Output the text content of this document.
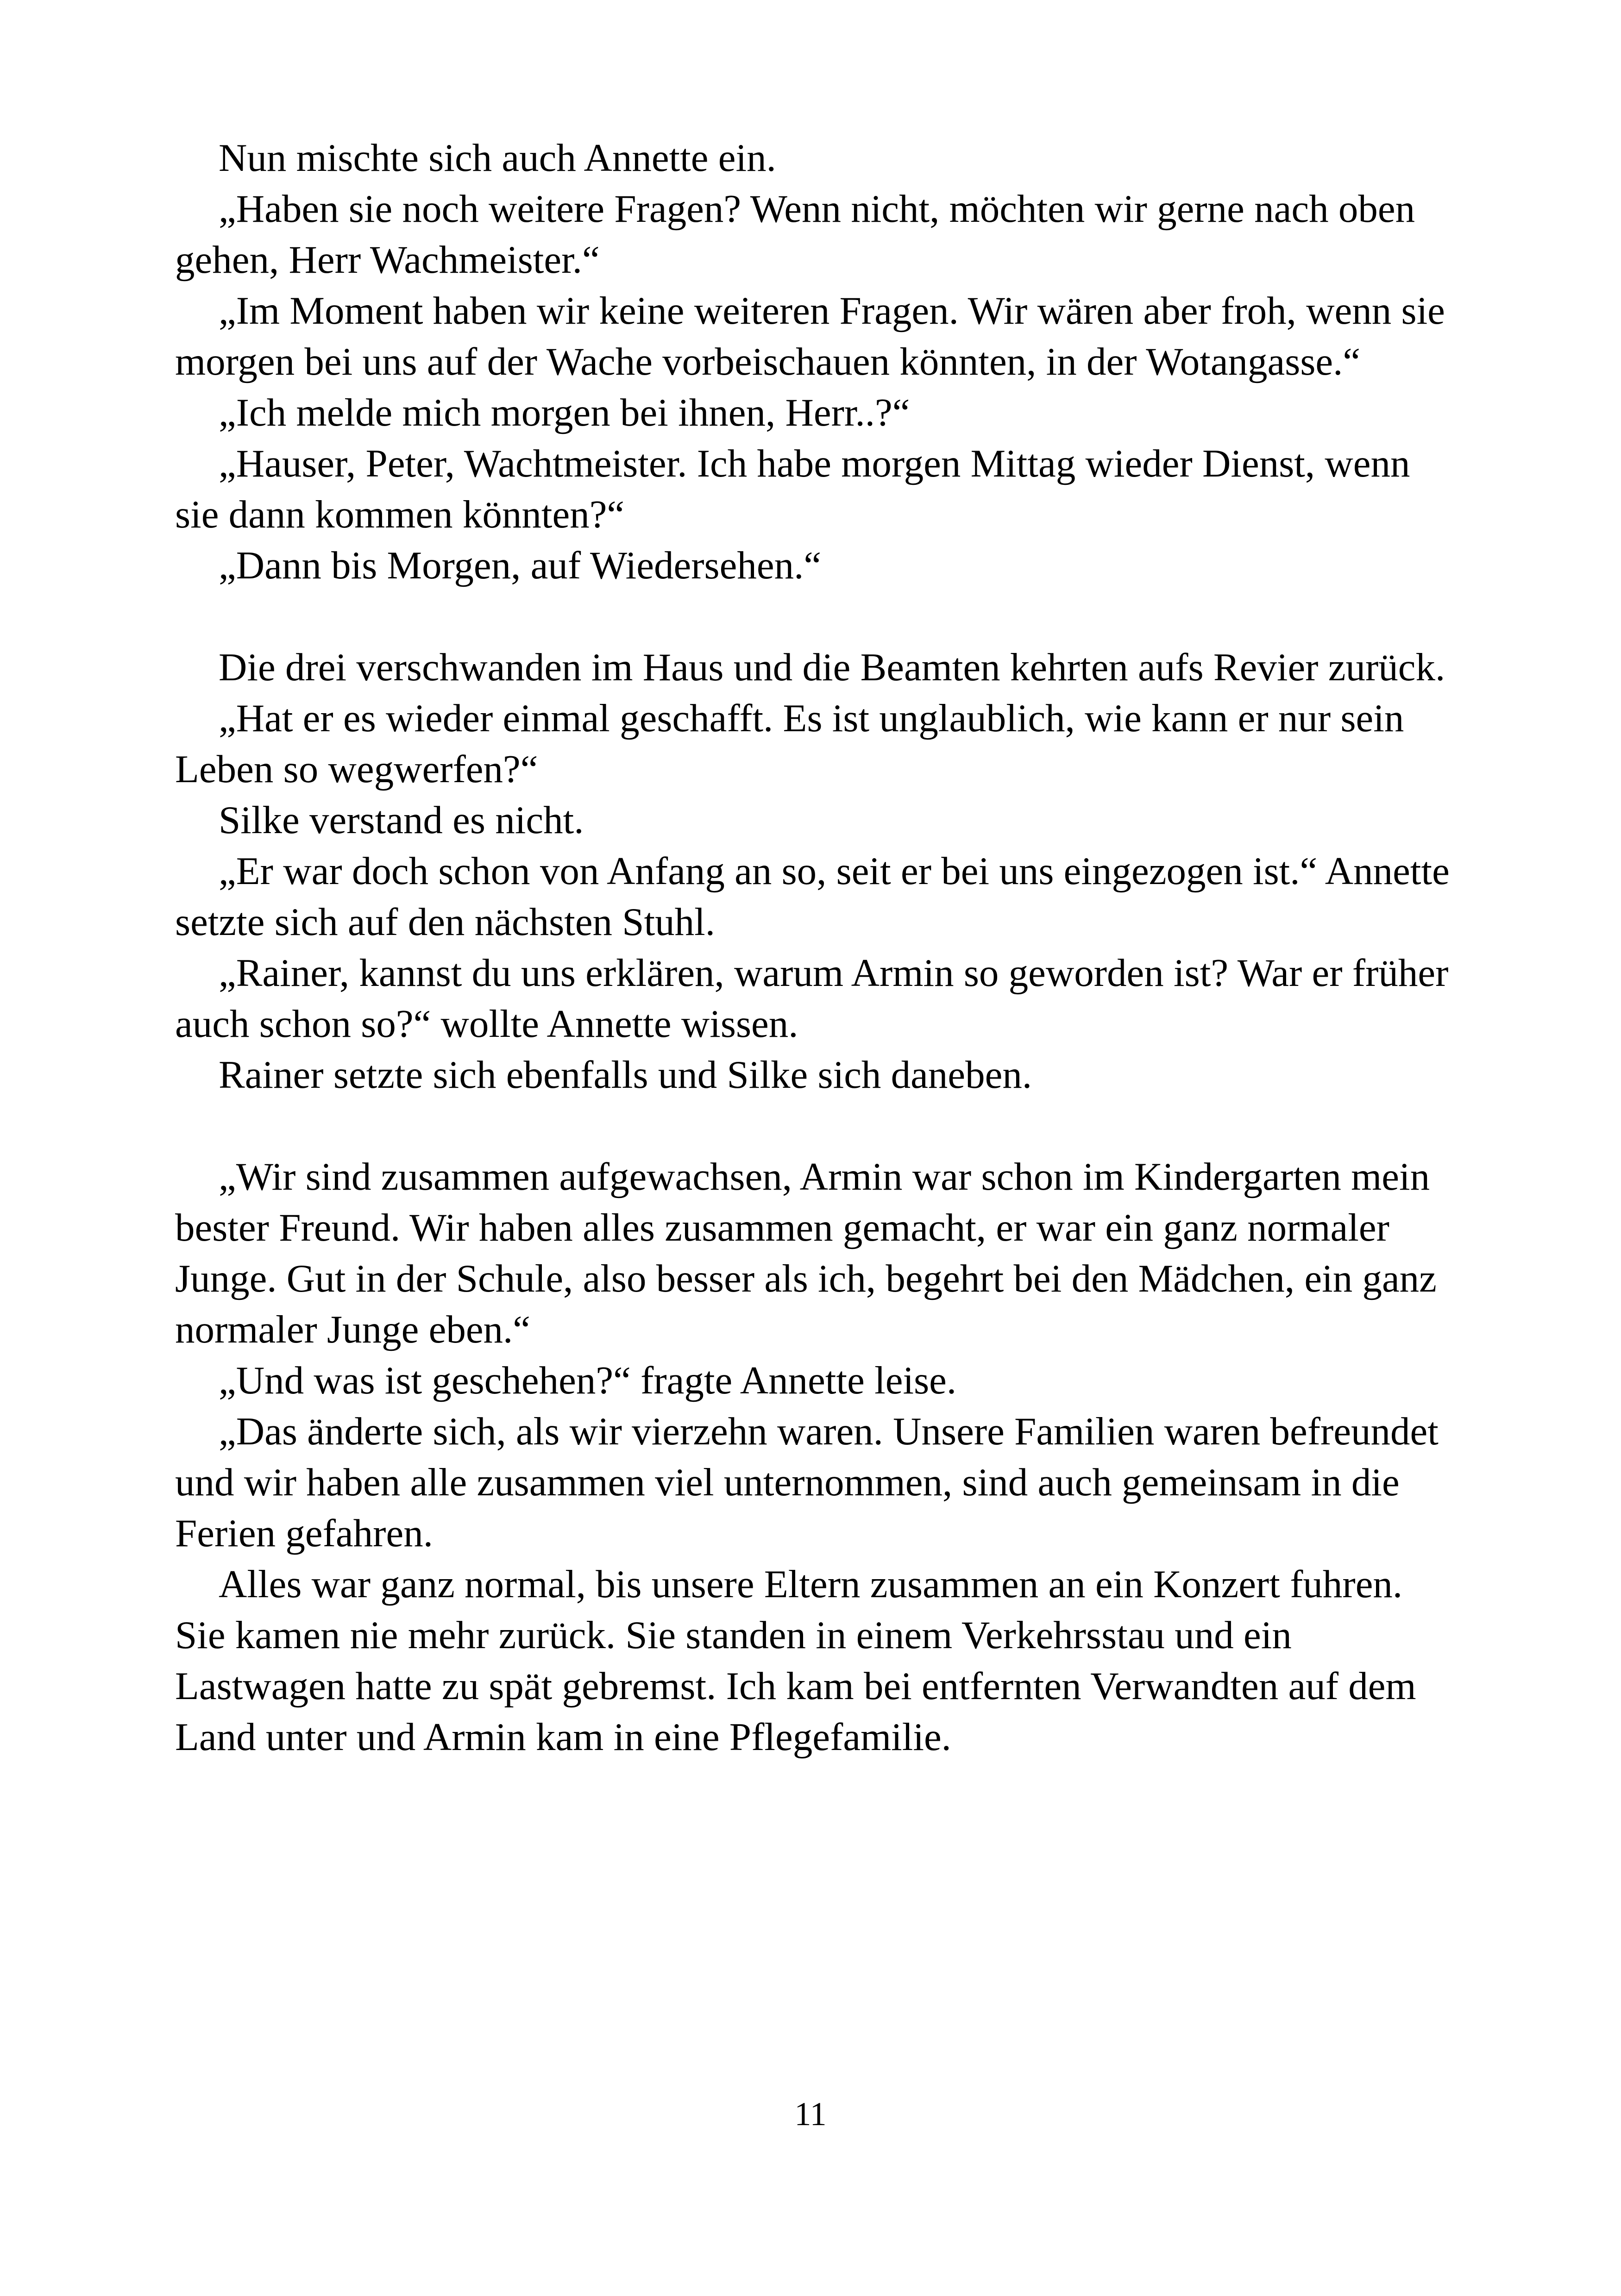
Nun mischte sich auch Annette ein.

„Haben sie noch weitere Fragen? Wenn nicht, möchten wir gerne nach oben gehen, Herr Wachmeister.“

„Im Moment haben wir keine weiteren Fragen. Wir wären aber froh, wenn sie morgen bei uns auf der Wache vorbeischauen könnten, in der Wotangasse.“

„Ich melde mich morgen bei ihnen, Herr..?“

„Hauser, Peter, Wachtmeister. Ich habe morgen Mittag wieder Dienst, wenn sie dann kommen könnten?“

„Dann bis Morgen, auf Wiedersehen.“

Die drei verschwanden im Haus und die Beamten kehrten aufs Revier zurück.

„Hat er es wieder einmal geschafft. Es ist unglaublich, wie kann er nur sein Leben so wegwerfen?“

Silke verstand es nicht.

„Er war doch schon von Anfang an so, seit er bei uns eingezogen ist.“ Annette setzte sich auf den nächsten Stuhl.

„Rainer, kannst du uns erklären, warum Armin so geworden ist? War er früher auch schon so?“ wollte Annette wissen.

Rainer setzte sich ebenfalls und Silke sich daneben.

„Wir sind zusammen aufgewachsen, Armin war schon im Kindergarten mein bester Freund. Wir haben alles zusammen gemacht, er war ein ganz normaler Junge. Gut in der Schule, also besser als ich, begehrt bei den Mädchen, ein ganz normaler Junge eben.“

„Und was ist geschehen?“ fragte Annette leise.

„Das änderte sich, als wir vierzehn waren. Unsere Familien waren befreundet und wir haben alle zusammen viel unternommen, sind auch gemeinsam in die Ferien gefahren.

Alles war ganz normal, bis unsere Eltern zusammen an ein Konzert fuhren. Sie kamen nie mehr zurück. Sie standen in einem Verkehrsstau und ein Lastwagen hatte zu spät gebremst. Ich kam bei entfernten Verwandten auf dem Land unter und Armin kam in eine Pflegefamilie.

11
